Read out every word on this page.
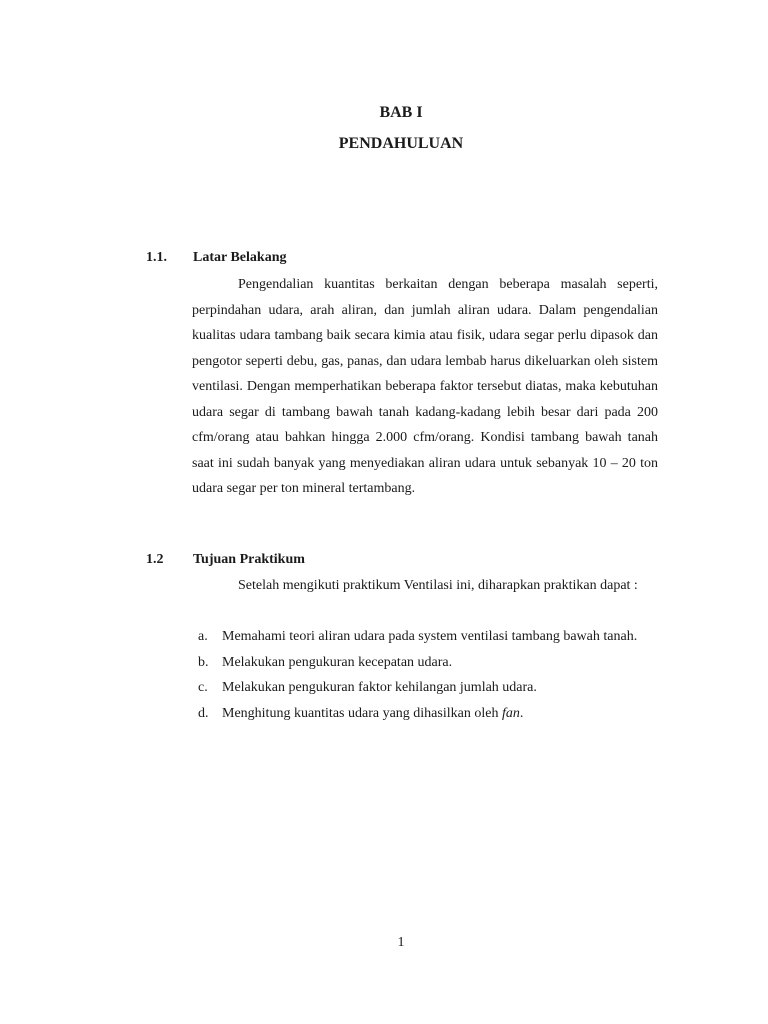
BAB I
PENDAHULUAN
1.1. Latar Belakang
Pengendalian kuantitas berkaitan dengan beberapa masalah seperti, perpindahan udara, arah aliran, dan jumlah aliran udara. Dalam pengendalian kualitas udara tambang baik secara kimia atau fisik, udara segar perlu dipasok dan pengotor seperti debu, gas, panas, dan udara lembab harus dikeluarkan oleh sistem ventilasi. Dengan memperhatikan beberapa faktor tersebut diatas, maka kebutuhan udara segar di tambang bawah tanah kadang-kadang lebih besar dari pada 200 cfm/orang atau bahkan hingga 2.000 cfm/orang. Kondisi tambang bawah tanah saat ini sudah banyak yang menyediakan aliran udara untuk sebanyak 10 – 20 ton udara segar per ton mineral tertambang.
1.2 Tujuan Praktikum
Setelah mengikuti praktikum Ventilasi ini, diharapkan praktikan dapat :
a.	Memahami teori aliran udara pada system ventilasi tambang bawah tanah.
b. Melakukan pengukuran kecepatan udara.
c.	Melakukan pengukuran faktor kehilangan jumlah udara.
d. Menghitung kuantitas udara yang dihasilkan oleh fan.
1
